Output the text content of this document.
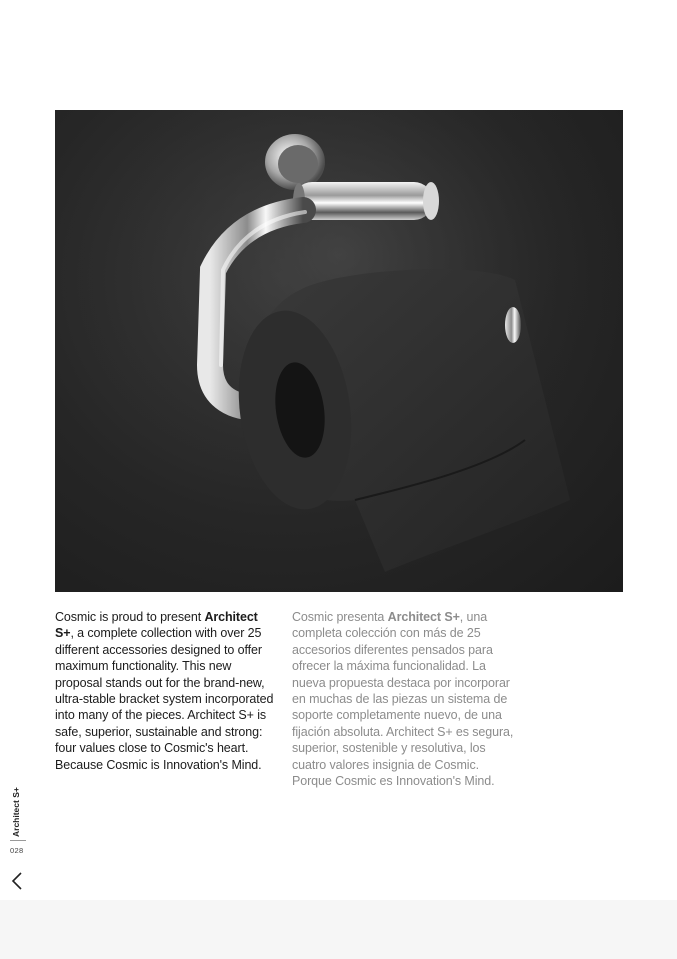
Cosmic is proud to present Architect S+, a complete collection with over 25 different accessories designed to offer maximum functionality. This new proposal stands out for the brand-new, ultra-stable bracket system incorporated into many of the pieces. Architect S+ is safe, superior, sustainable and strong: four values close to Cosmic's heart. Because Cosmic is Innovation's Mind.

Cosmic presenta Architect S+, una completa colección con más de 25 accesorios diferentes pensados para ofrecer la máxima funcionalidad. La nueva propuesta destaca por incorporar en muchas de las piezas un sistema de soporte completamente nuevo, de una fijación absoluta. Architect S+ es segura, superior, sostenible y resolutiva, los cuatro valores insignia de Cosmic. Porque Cosmic es Innovation's Mind.

Architect S+
028
